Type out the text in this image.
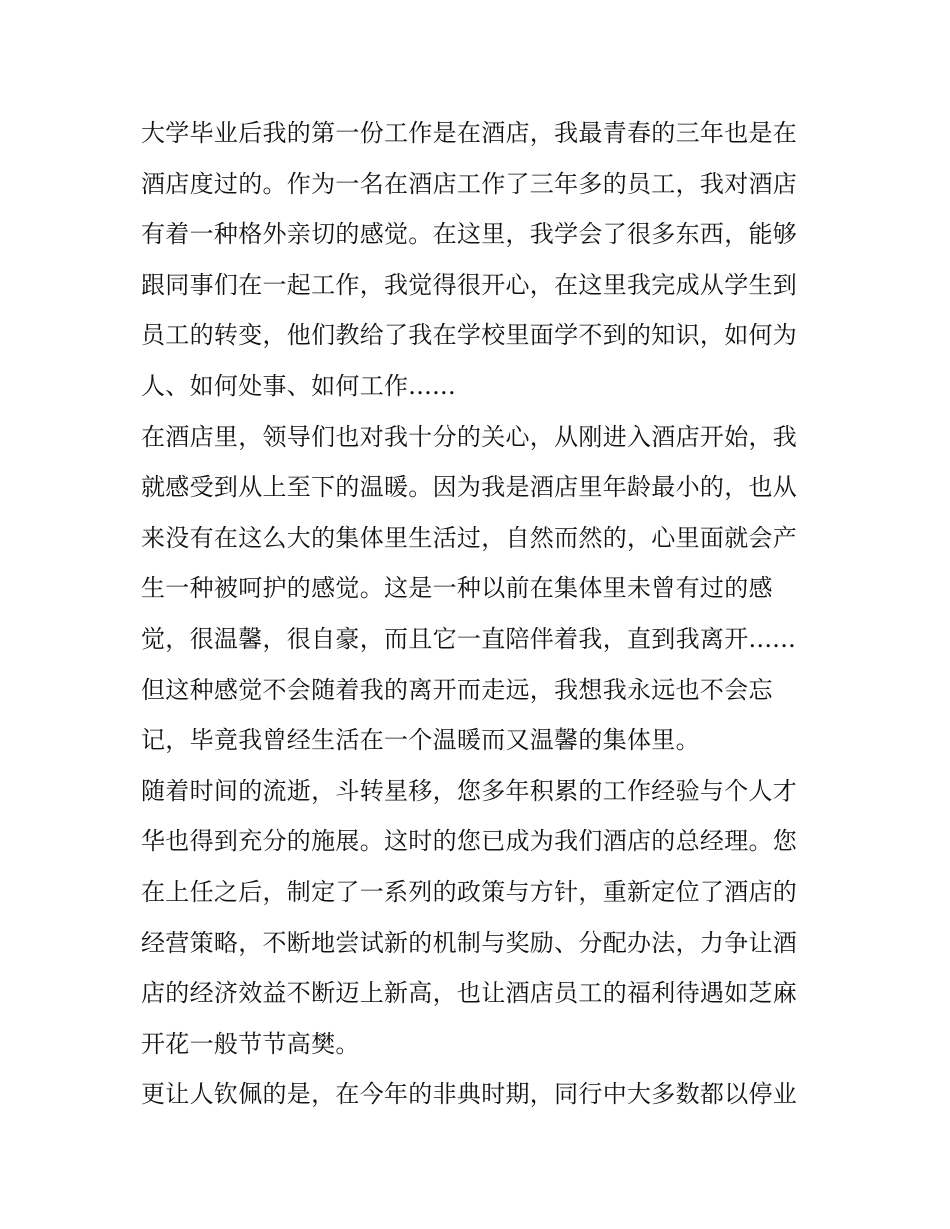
大学毕业后我的第一份工作是在酒店，我最青春的三年也是在
酒店度过的。作为一名在酒店工作了三年多的员工，我对酒店
有着一种格外亲切的感觉。在这里，我学会了很多东西，能够
跟同事们在一起工作，我觉得很开心，在这里我完成从学生到
员工的转变，他们教给了我在学校里面学不到的知识，如何为
人、如何处事、如何工作......
在酒店里，领导们也对我十分的关心，从刚进入酒店开始，我
就感受到从上至下的温暖。因为我是酒店里年龄最小的，也从
来没有在这么大的集体里生活过，自然而然的，心里面就会产
生一种被呵护的感觉。这是一种以前在集体里未曾有过的感
觉，很温馨，很自豪，而且它一直陪伴着我，直到我离开......
但这种感觉不会随着我的离开而走远，我想我永远也不会忘
记，毕竟我曾经生活在一个温暖而又温馨的集体里。
随着时间的流逝，斗转星移，您多年积累的工作经验与个人才
华也得到充分的施展。这时的您已成为我们酒店的总经理。您
在上任之后，制定了一系列的政策与方针，重新定位了酒店的
经营策略，不断地尝试新的机制与奖励、分配办法，力争让酒
店的经济效益不断迈上新高，也让酒店员工的福利待遇如芝麻
开花一般节节高樊。
更让人钦佩的是，在今年的非典时期，同行中大多数都以停业
